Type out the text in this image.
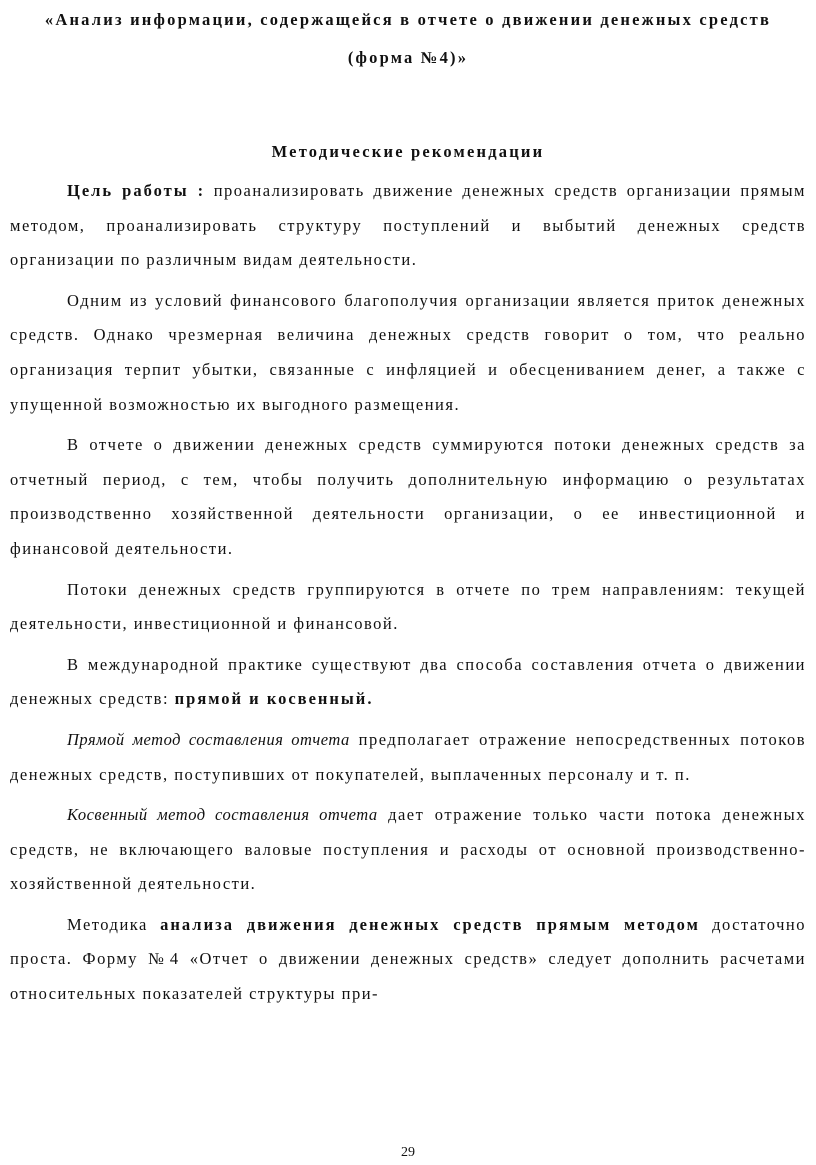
«Анализ информации, содержащейся в отчете о движении денежных средств (форма №4)»
Методические рекомендации

Цель работы : проанализировать движение денежных средств организации прямым методом, проанализировать структуру поступлений и выбытий денежных средств организации по различным видам деятельности.

Одним из условий финансового благополучия организации является приток денежных средств. Однако чрезмерная величина денежных средств говорит о том, что реально организация терпит убытки, связанные с инфляцией и обесцениванием денег, а также с упущенной возможностью их выгодного размещения.

В отчете о движении денежных средств суммируются потоки денежных средств за отчетный период, с тем, чтобы получить дополнительную информацию о результатах производственно хозяйственной деятельности организации, о ее инвестиционной и финансовой деятельности.

Потоки денежных средств группируются в отчете по трем направлениям: текущей деятельности, инвестиционной и финансовой.

В международной практике существуют два способа составления отчета о движении денежных средств: прямой и косвенный.

Прямой метод составления отчета предполагает отражение непосредственных потоков денежных средств, поступивших от покупателей, выплаченных персоналу и т. п.

Косвенный метод составления отчета дает отражение только части потока денежных средств, не включающего валовые поступления и расходы от основной производственно-хозяйственной деятельности.

Методика анализа движения денежных средств прямым методом достаточно проста. Форму №4 «Отчет о движении денежных средств» следует дополнить расчетами относительных показателей структуры при-

29
